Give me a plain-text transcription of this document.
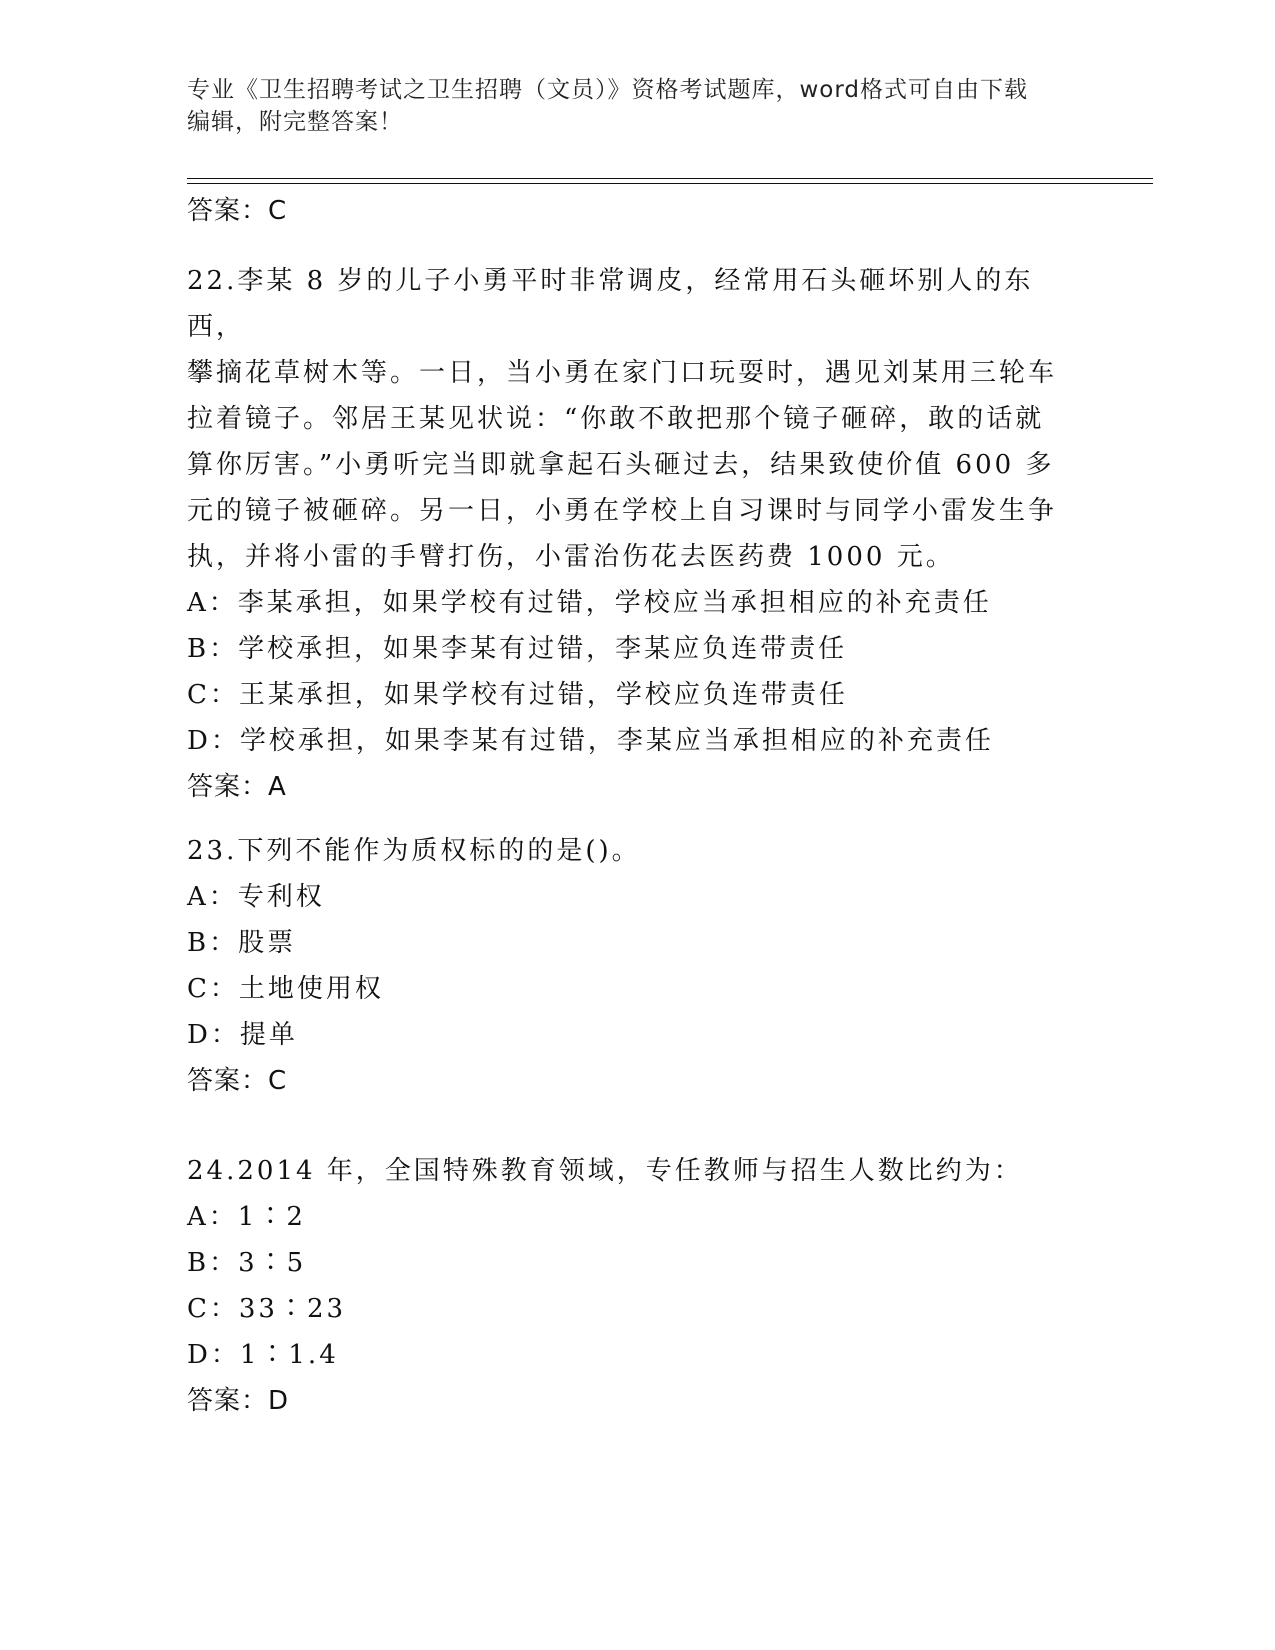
专业《卫生招聘考试之卫生招聘（文员）》资格考试题库，word格式可自由下载
编辑，附完整答案！
答案：C
22.李某 8 岁的儿子小勇平时非常调皮，经常用石头砸坏别人的东西，
攀摘花草树木等。一日，当小勇在家门口玩耍时，遇见刘某用三轮车
拉着镜子。邻居王某见状说：“你敢不敢把那个镜子砸碎，敢的话就
算你厉害。”小勇听完当即就拿起石头砸过去，结果致使价值 600 多
元的镜子被砸碎。另一日，小勇在学校上自习课时与同学小雷发生争
执，并将小雷的手臂打伤，小雷治伤花去医药费 1000 元。
A：李某承担，如果学校有过错，学校应当承担相应的补充责任
B：学校承担，如果李某有过错，李某应负连带责任
C：王某承担，如果学校有过错，学校应负连带责任
D：学校承担，如果李某有过错，李某应当承担相应的补充责任
答案：A
23.下列不能作为质权标的的是()。
A：专利权
B：股票
C：土地使用权
D：提单
答案：C
24.2014 年，全国特殊教育领域，专任教师与招生人数比约为：
A：1∶2
B：3∶5
C：33∶23
D：1∶1.4
答案：D
